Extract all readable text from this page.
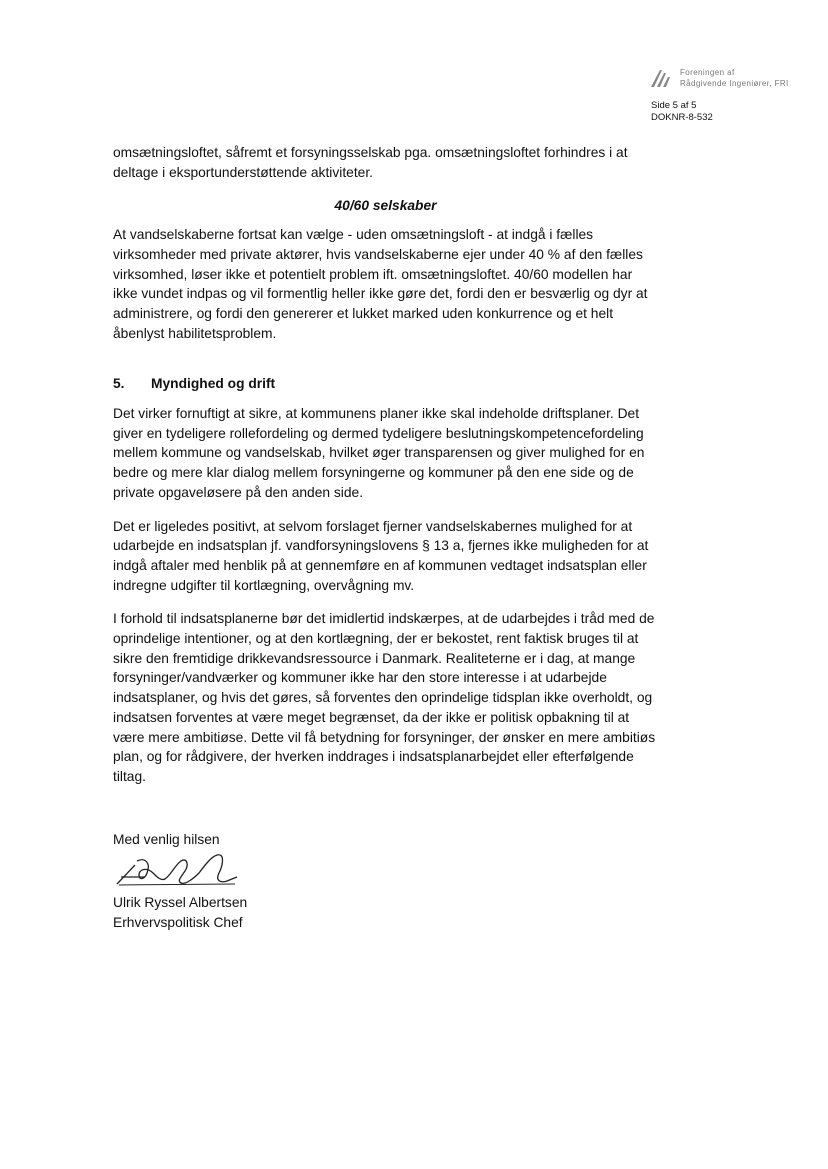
Foreningen af
Rådgivende Ingeniører, FRI
Side 5 af 5
DOKNR-8-532

omsætningsloftet, såfremt et forsyningsselskab pga. omsætningsloftet forhindres i at deltage i eksportunderstøttende aktiviteter.

40/60 selskaber

At vandselskaberne fortsat kan vælge - uden omsætningsloft - at indgå i fælles virksomheder med private aktører, hvis vandselskaberne ejer under 40 % af den fælles virksomhed, løser ikke et potentielt problem ift. omsætningsloftet. 40/60 modellen har ikke vundet indpas og vil formentlig heller ikke gøre det, fordi den er besværlig og dyr at administrere, og fordi den genererer et lukket marked uden konkurrence og et helt åbenlyst habilitetsproblem.

5. Myndighed og drift

Det virker fornuftigt at sikre, at kommunens planer ikke skal indeholde driftsplaner. Det giver en tydeligere rollefordeling og dermed tydeligere beslutningskompetencefordeling mellem kommune og vandselskab, hvilket øger transparensen og giver mulighed for en bedre og mere klar dialog mellem forsyningerne og kommuner på den ene side og de private opgaveløsere på den anden side.

Det er ligeledes positivt, at selvom forslaget fjerner vandselskabernes mulighed for at udarbejde en indsatsplan jf. vandforsyningslovens § 13 a, fjernes ikke muligheden for at indgå aftaler med henblik på at gennemføre en af kommunen vedtaget indsatsplan eller indregne udgifter til kortlægning, overvågning mv.

I forhold til indsatsplanerne bør det imidlertid indskærpes, at de udarbejdes i tråd med de oprindelige intentioner, og at den kortlægning, der er bekostet, rent faktisk bruges til at sikre den fremtidige drikkevandsressource i Danmark. Realiteterne er i dag, at mange forsyninger/vandværker og kommuner ikke har den store interesse i at udarbejde indsatsplaner, og hvis det gøres, så forventes den oprindelige tidsplan ikke overholdt, og indsatsen forventes at være meget begrænset, da der ikke er politisk opbakning til at være mere ambitiøse. Dette vil få betydning for forsyninger, der ønsker en mere ambitiøs plan, og for rådgivere, der hverken inddrages i indsatsplanarbejdet eller efterfølgende tiltag.

Med venlig hilsen

Ulrik Ryssel Albertsen
Erhvervspolitisk Chef
